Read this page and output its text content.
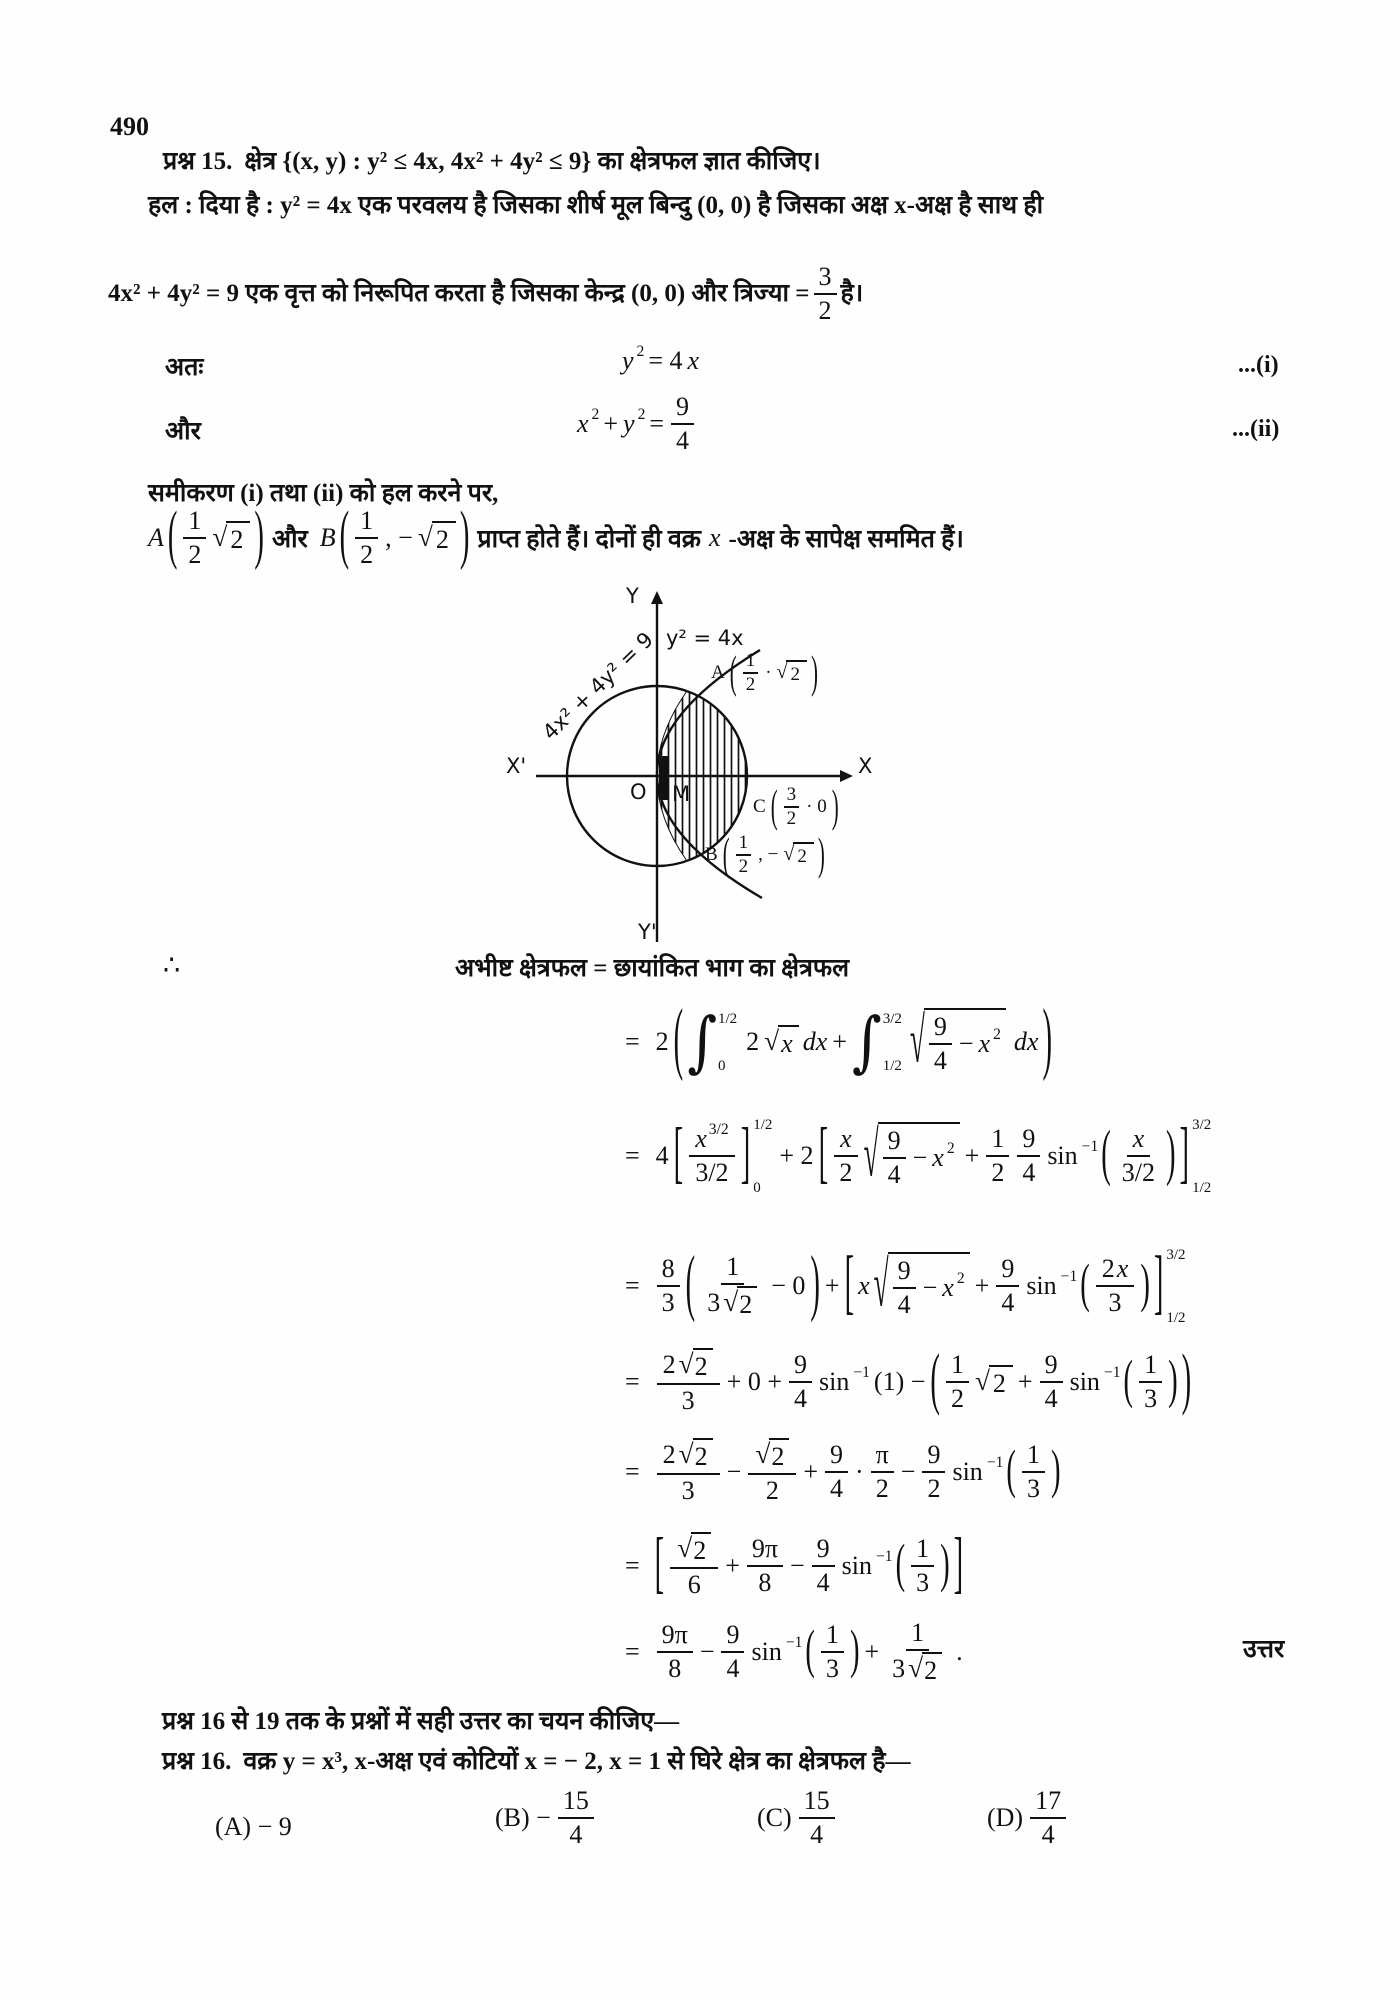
490
प्रश्न 15. क्षेत्र {(x, y) : y² ≤ 4x, 4x² + 4y² ≤ 9} का क्षेत्रफल ज्ञात कीजिए।
हल : दिया है : y² = 4x एक परवलय है जिसका शीर्ष मूल बिन्दु (0, 0) है जिसका अक्ष x-अक्ष है साथ ही
4x² + 4y² = 9 एक वृत्त को निरूपित करता है जिसका केन्द्र (0, 0) और त्रिज्या = $\frac{3}{2}$ है।
अतः	y 2 = 4 x	...(i)
और	x 2 + y $2 = \frac{9}{4}$	...(ii)
समीकरण (i) तथा (ii) को हल करने पर,
A ( $\frac{1}{2}$ √ 2 ) और B ( $\frac{1}{2}$ , − √ 2 ) प्राप्त होते हैं। दोनों ही वक्र x -अक्ष के सापेक्ष सममित हैं।
Y
Y'
X'	X
O M
y² = 4x
4x² + 4y² = 9	A ( $\frac{1}{2}$ · √ 2 )
C ( $\frac{3}{2} \cdot 0$ )
B ( $\frac{1}{2}$ , − √ 2 )
∴	अभीष्ट क्षेत्रफल = छायांकित भाग का क्षेत्रफल
= 2 ( ∫ 1/2
0
2 √ x dx + ∫ 3/2
1/2 √ $\frac{9}{4} - x$ 2 dx )
= 4 [ $\frac{x 3/2}{3/2}$ ] 1/2
0
+ 2 [ $\frac{x}{2}$ √ $\frac{9}{4} - x$ $2 + \frac{1}{2} \frac{9}{4}$ sin −1 ( $\frac{x}{3/2}$ ) ] 3/2
1/2
= $\frac{8}{3}$ ( $\frac{1}{3 √ 2} - 0$ ) + [ x √ $\frac{9}{4} - x$ $2 + \frac{9}{4}$ sin −1 ( $\frac{2 x}{3}$ ) ] 3/2
1/2
= $\frac{2 √ 2}{3} + 0 + \frac{9}{4}$ sin −1 (1) − ( $\frac{1}{2}$ √ $2 + \frac{9}{4}$ sin −1 ( $\frac{1}{3}$ ) )
= $\frac{2 √ 2}{3} - \frac{√ 2}{2} + \frac{9}{4} \cdot \frac{\pi}{2} - \frac{9}{2}$ sin −1 ( $\frac{1}{3}$ )
= [ $\frac{√ 2}{6} + \frac{9\pi}{8} - \frac{9}{4}$ sin −1 ( $\frac{1}{3}$ ) ]
= $\frac{9\pi}{8} - \frac{9}{4}$ sin −1 ( $\frac{1}{3}$ ) + $\frac{1}{3 √ 2}$ .	उत्तर
प्रश्न 16 से 19 तक के प्रश्नों में सही उत्तर का चयन कीजिए—
प्रश्न 16. वक्र y = x³, x-अक्ष एवं कोटियों x = − 2, x = 1 से घिरे क्षेत्र का क्षेत्रफल है—
(A) − 9	$(B) - \frac{15}{4}$	$(C) \frac{15}{4}$	$(D) \frac{17}{4}$
